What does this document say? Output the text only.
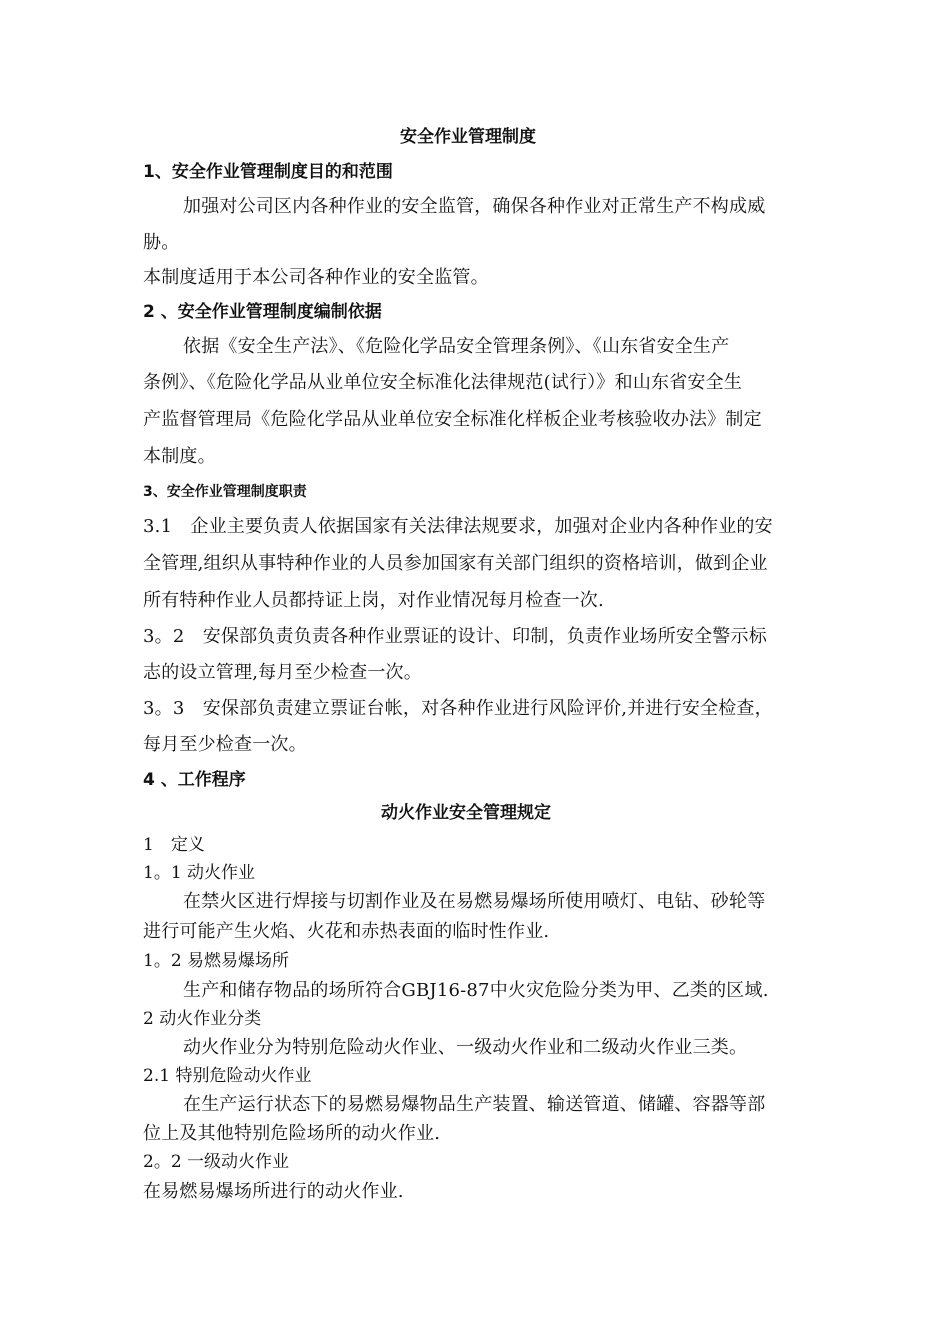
安全作业管理制度
1、安全作业管理制度目的和范围
加强对公司区内各种作业的安全监管，确保各种作业对正常生产不构成威
胁。
本制度适用于本公司各种作业的安全监管。
2 、安全作业管理制度编制依据
依据《安全生产法》、《危险化学品安全管理条例》、《山东省安全生产
条例》、《危险化学品从业单位安全标准化法律规范(试行）》和山东省安全生
产监督管理局《危险化学品从业单位安全标准化样板企业考核验收办法》制定
本制度。
3、安全作业管理制度职责
3.1　企业主要负责人依据国家有关法律法规要求，加强对企业内各种作业的安
全管理,组织从事特种作业的人员参加国家有关部门组织的资格培训，做到企业
所有特种作业人员都持证上岗，对作业情况每月检查一次.
3。2　安保部负责负责各种作业票证的设计、印制，负责作业场所安全警示标
志的设立管理,每月至少检查一次。
3。3　安保部负责建立票证台帐，对各种作业进行风险评价,并进行安全检查，
每月至少检查一次。
4 、工作程序
动火作业安全管理规定
1　定义
1。1 动火作业
在禁火区进行焊接与切割作业及在易燃易爆场所使用喷灯、电钻、砂轮等
进行可能产生火焰、火花和赤热表面的临时性作业.
1。2 易燃易爆场所
生产和储存物品的场所符合GBJ16-87中火灾危险分类为甲、乙类的区域.
2 动火作业分类
动火作业分为特别危险动火作业、一级动火作业和二级动火作业三类。
2.1 特别危险动火作业
在生产运行状态下的易燃易爆物品生产装置、输送管道、储罐、容器等部
位上及其他特别危险场所的动火作业.
2。2 一级动火作业
在易燃易爆场所进行的动火作业.
